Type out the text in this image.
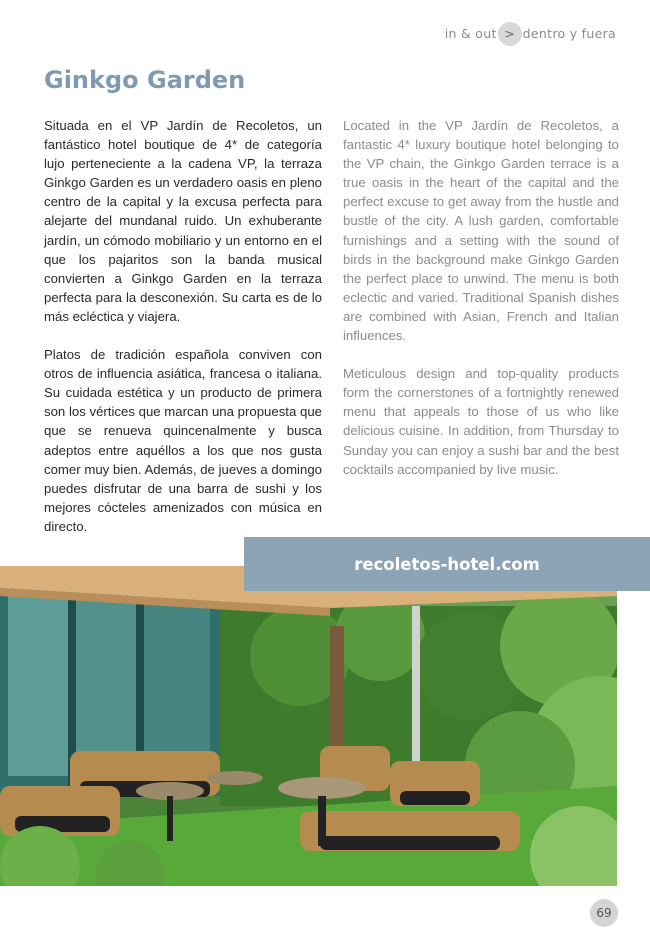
in & out > dentro y fuera
Ginkgo Garden

Situada en el VP Jardín de Recoletos, un fantástico hotel boutique de 4* de categoría lujo perteneciente a la cadena VP, la terraza Ginkgo Garden es un verdadero oasis en pleno centro de la capital y la excusa perfecta para alejarte del mundanal ruido. Un exhuberante jardín, un cómodo mobiliario y un entorno en el que los pajaritos son la banda musical convierten a Ginkgo Garden en la terraza perfecta para la desconexión. Su carta es de lo más ecléctica y viajera.

Platos de tradición española conviven con otros de influencia asiática, francesa o italiana. Su cuidada estética y un producto de primera son los vértices que marcan una propuesta que que se renueva quincenalmente y busca adeptos entre aquéllos a los que nos gusta comer muy bien. Además, de jueves a domingo puedes disfrutar de una barra de sushi y los mejores cócteles amenizados con música en directo.

Located in the VP Jardín de Recoletos, a fantastic 4* luxury boutique hotel belonging to the VP chain, the Ginkgo Garden terrace is a true oasis in the heart of the capital and the perfect excuse to get away from the hustle and bustle of the city. A lush garden, comfortable furnishings and a setting with the sound of birds in the background make Ginkgo Garden the perfect place to unwind. The menu is both eclectic and varied. Traditional Spanish dishes are combined with Asian, French and Italian influences.

Meticulous design and top-quality products form the cornerstones of a fortnightly renewed menu that appeals to those of us who like delicious cuisine. In addition, from Thursday to Sunday you can enjoy a sushi bar and the best cocktails accompanied by live music.

recoletos-hotel.com
69
